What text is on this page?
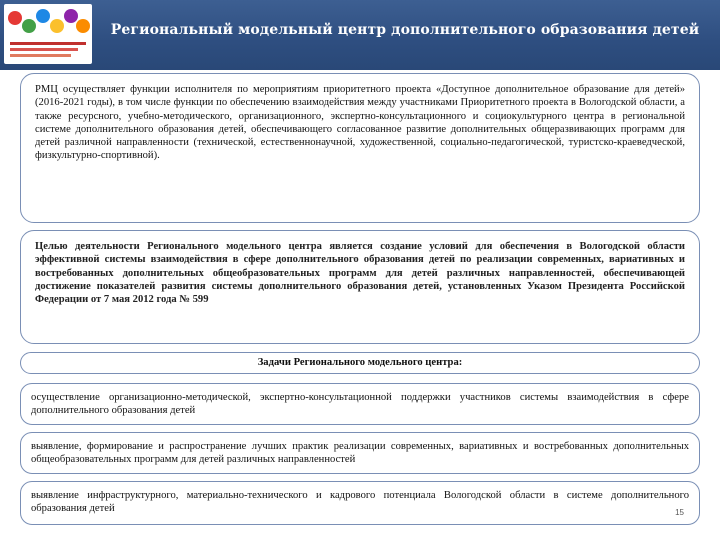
Региональный модельный центр дополнительного образования детей
РМЦ осуществляет функции исполнителя по мероприятиям приоритетного проекта «Доступное дополнительное образование для детей» (2016-2021 годы), в том числе функции по обеспечению взаимодействия между участниками Приоритетного проекта в Вологодской области, а также ресурсного, учебно-методического, организационного, экспертно-консультационного и социокультурного центра в региональной системе дополнительного образования детей, обеспечивающего согласованное развитие дополнительных общеразвивающих программ для детей различной направленности (технической, естественнонаучной, художественной, социально-педагогической, туристско-краеведческой, физкультурно-спортивной).
Целью деятельности Регионального модельного центра является создание условий для обеспечения в Вологодской области эффективной системы взаимодействия в сфере дополнительного образования детей по реализации современных, вариативных и востребованных дополнительных общеобразовательных программ для детей различных направленностей, обеспечивающей достижение показателей развития системы дополнительного образования детей, установленных Указом Президента Российской Федерации от 7 мая 2012 года № 599
Задачи Регионального модельного центра:
осуществление организационно-методической, экспертно-консультационной поддержки участников системы взаимодействия в сфере дополнительного образования детей
выявление, формирование и распространение лучших практик реализации современных, вариативных и востребованных дополнительных общеобразовательных программ для детей различных направленностей
выявление инфраструктурного, материально-технического и кадрового потенциала Вологодской области в системе дополнительного образования детей	15
